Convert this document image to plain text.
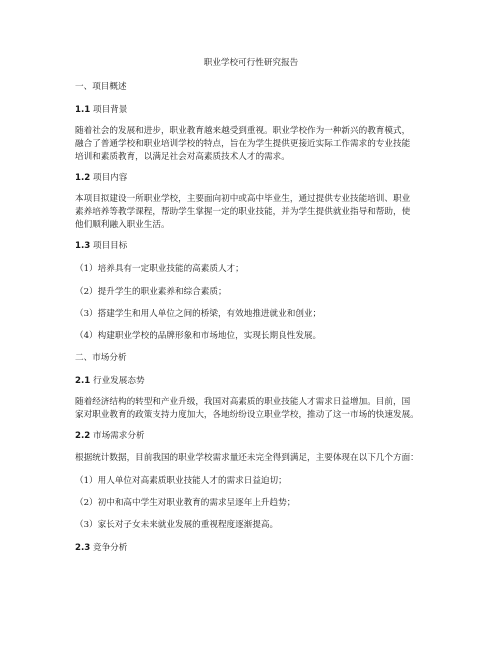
职业学校可行性研究报告
一、项目概述
1.1 项目背景
随着社会的发展和进步，职业教育越来越受到重视。职业学校作为一种新兴的教育模式，
融合了普通学校和职业培训学校的特点，旨在为学生提供更接近实际工作需求的专业技能
培训和素质教育，以满足社会对高素质技术人才的需求。
1.2 项目内容
本项目拟建设一所职业学校，主要面向初中或高中毕业生，通过提供专业技能培训、职业
素养培养等教学课程，帮助学生掌握一定的职业技能，并为学生提供就业指导和帮助，使
他们顺利融入职业生活。
1.3 项目目标
（1）培养具有一定职业技能的高素质人才；
（2）提升学生的职业素养和综合素质；
（3）搭建学生和用人单位之间的桥梁，有效地推进就业和创业；
（4）构建职业学校的品牌形象和市场地位，实现长期良性发展。
二、市场分析
2.1 行业发展态势
随着经济结构的转型和产业升级，我国对高素质的职业技能人才需求日益增加。目前，国
家对职业教育的政策支持力度加大，各地纷纷设立职业学校，推动了这一市场的快速发展。
2.2 市场需求分析
根据统计数据，目前我国的职业学校需求量还未完全得到满足，主要体现在以下几个方面：
（1）用人单位对高素质职业技能人才的需求日益迫切；
（2）初中和高中学生对职业教育的需求呈逐年上升趋势；
（3）家长对子女未来就业发展的重视程度逐渐提高。
2.3 竞争分析
